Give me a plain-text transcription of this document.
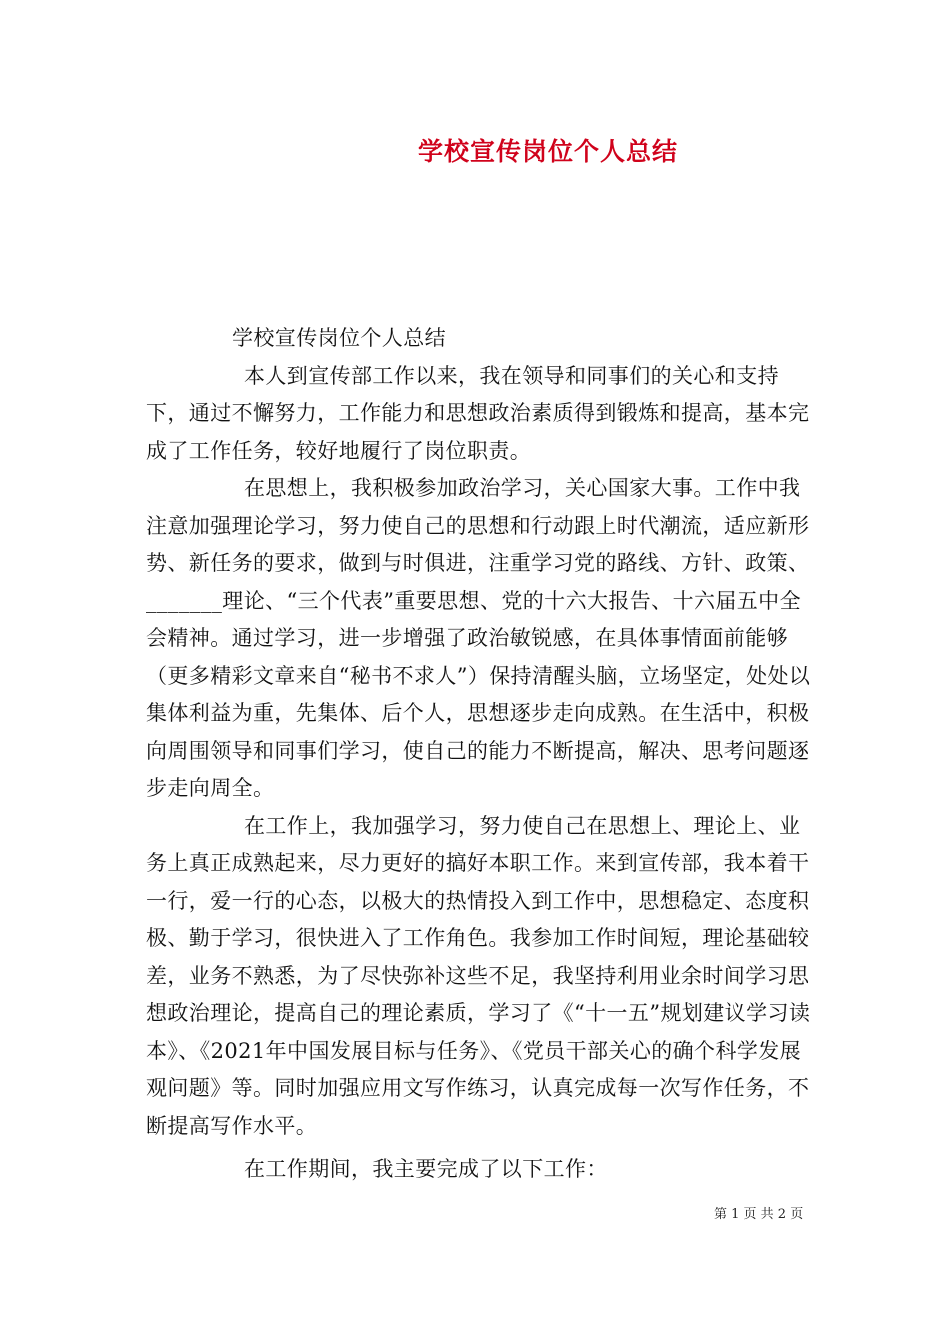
学校宣传岗位个人总结

学校宣传岗位个人总结

本人到宣传部工作以来，我在领导和同事们的关心和支持下，通过不懈努力，工作能力和思想政治素质得到锻炼和提高，基本完成了工作任务，较好地履行了岗位职责。

在思想上，我积极参加政治学习，关心国家大事。工作中我注意加强理论学习，努力使自己的思想和行动跟上时代潮流，适应新形势、新任务的要求，做到与时俱进，注重学习党的路线、方针、政策、_______理论、“三个代表”重要思想、党的十六大报告、十六届五中全会精神。通过学习，进一步增强了政治敏锐感，在具体事情面前能够（更多精彩文章来自“秘书不求人”）保持清醒头脑，立场坚定，处处以集体利益为重，先集体、后个人，思想逐步走向成熟。在生活中，积极向周围领导和同事们学习，使自己的能力不断提高，解决、思考问题逐步走向周全。

在工作上，我加强学习，努力使自己在思想上、理论上、业务上真正成熟起来，尽力更好的搞好本职工作。来到宣传部，我本着干一行，爱一行的心态，以极大的热情投入到工作中，思想稳定、态度积极、勤于学习，很快进入了工作角色。我参加工作时间短，理论基础较差，业务不熟悉，为了尽快弥补这些不足，我坚持利用业余时间学习思想政治理论，提高自己的理论素质，学习了《“十一五”规划建议学习读本》、《2021年中国发展目标与任务》、《党员干部关心的确个科学发展观问题》等。同时加强应用文写作练习，认真完成每一次写作任务，不断提高写作水平。

在工作期间，我主要完成了以下工作：

第 1 页 共 2 页
